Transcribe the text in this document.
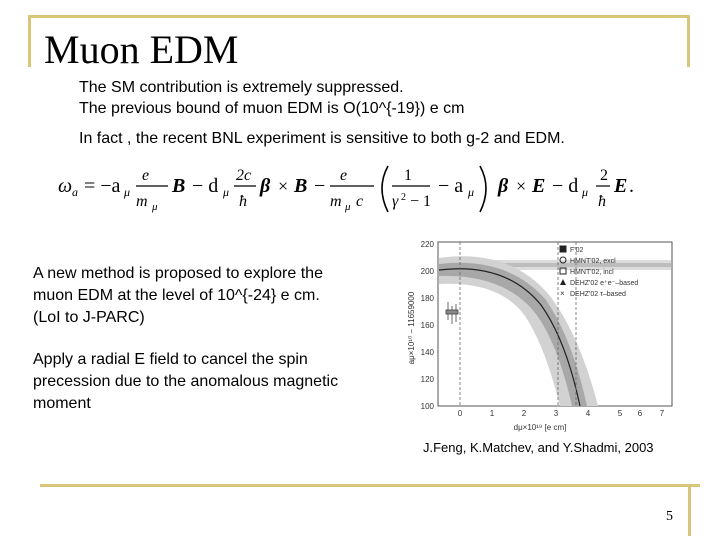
Muon EDM
The SM contribution is extremely suppressed.
The previous bound of muon EDM is O(10^{-19}) e cm
In fact , the recent BNL experiment is sensitive to both g-2 and EDM.
ω a = −a μ
e
m μ
B − d μ
2c
ħ
β × B − e
m μ c
1
γ 2 − 1
− a μ β × E − d μ
2
ħ
E .
A new method is proposed to explore the
muon EDM at the level of 10^{-24} e cm.
(LoI to J-PARC)
Apply a radial E field to cancel the spin
precession due to the anomalous magnetic
moment
220
200
180
160
140
120
100
0	1	2	3	4	5 6 7
aμ×10¹⁰ − 11659000
dμ×10¹⁹ [e cm]
F'02
HMNT'02, excl
HMNT'02, incl
DEHZ'02 e⁺e⁻–based
× DEHZ'02 τ–based
J.Feng, K.Matchev, and Y.Shadmi, 2003
5
